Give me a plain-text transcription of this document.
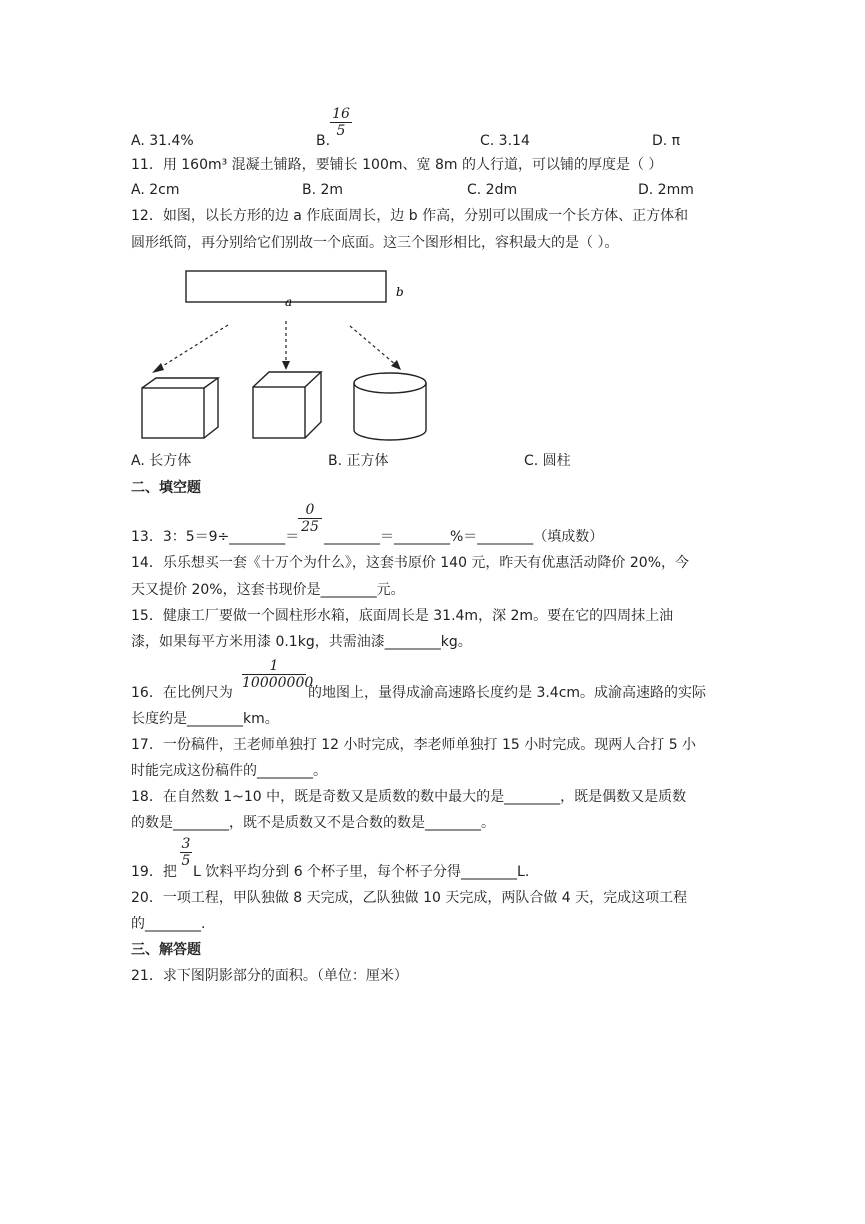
A. 31.4%	B.
$\frac{16}{5}$
C. 3.14	D. π
11．用 160m³ 混凝土铺路，要铺长 100m、宽 8m 的人行道，可以铺的厚度是（ ）
A. 2cm	B. 2m	C. 2dm	D. 2mm
12．如图，以长方形的边 a 作底面周长，边 b 作高，分别可以围成一个长方体、正方体和
圆形纸筒，再分别给它们别故一个底面。这三个图形相比，容积最大的是（ ）。
a
b
A. 长方体	B. 正方体	C. 圆柱
二、填空题
13．3：5＝9÷________＝
$\frac{0}{25}$
________＝________%＝________（填成数）
14．乐乐想买一套《十万个为什么》，这套书原价 140 元，昨天有优惠活动降价 20%，今
天又提价 20%，这套书现价是________元。
15．健康工厂要做一个圆柱形水箱，底面周长是 31.4m，深 2m。要在它的四周抹上油
漆，如果每平方米用漆 0.1kg，共需油漆________kg。
16．在比例尺为
$\frac{1}{10000000}$
的地图上，量得成渝高速路长度约是 3.4cm。成渝高速路的实际
长度约是________km。
17．一份稿件，王老师单独打 12 小时完成，李老师单独打 15 小时完成。现两人合打 5 小
时能完成这份稿件的________。
18．在自然数 1~10 中，既是奇数又是质数的数中最大的是________，既是偶数又是质数
的数是________，既不是质数又不是合数的数是________。
19．把
$\frac{3}{5}$
L 饮料平均分到 6 个杯子里，每个杯子分得________L.
20．一项工程，甲队独做 8 天完成，乙队独做 10 天完成，两队合做 4 天，完成这项工程
的________.
三、解答题
21．求下图阴影部分的面积。（单位：厘米）
